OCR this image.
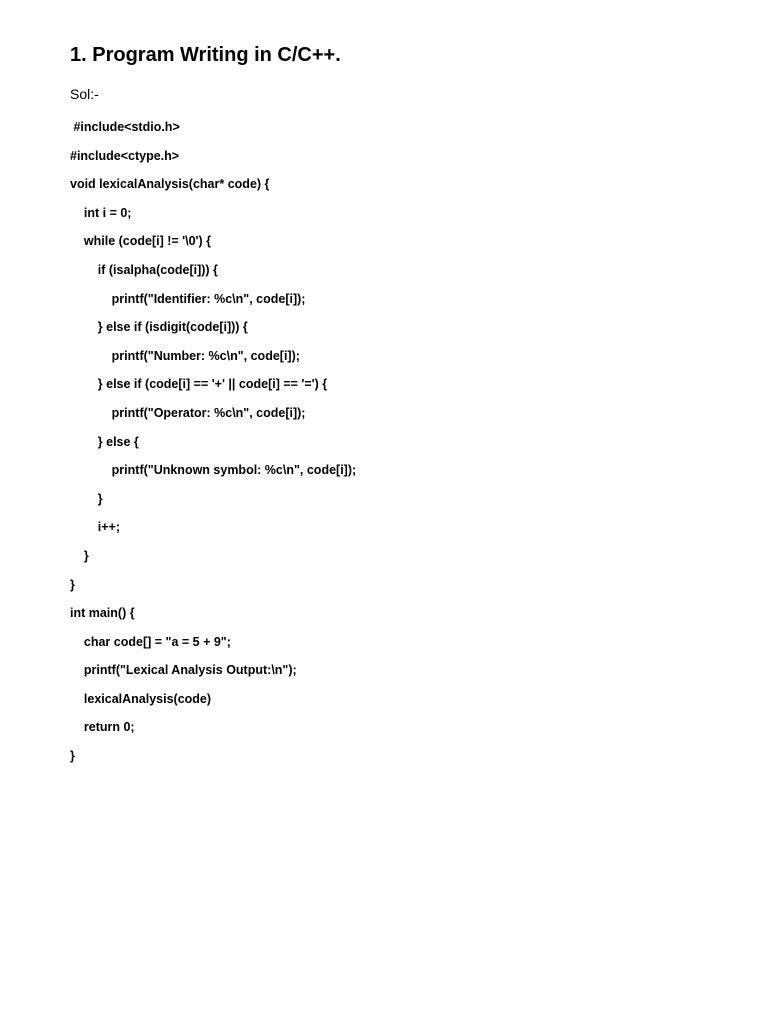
1. Program Writing in C/C++.
Sol:-
#include<stdio.h>
#include<ctype.h>
void lexicalAnalysis(char* code) {
int i = 0;
while (code[i] != '\0') {
if (isalpha(code[i])) {
printf("Identifier: %c\n", code[i]);
} else if (isdigit(code[i])) {
printf("Number: %c\n", code[i]);
} else if (code[i] == '+' || code[i] == '=') {
printf("Operator: %c\n", code[i]);
} else {
printf("Unknown symbol: %c\n", code[i]);
}
i++;
}
}
int main() {
char code[] = "a = 5 + 9";
printf("Lexical Analysis Output:\n");
lexicalAnalysis(code)
return 0;
}
